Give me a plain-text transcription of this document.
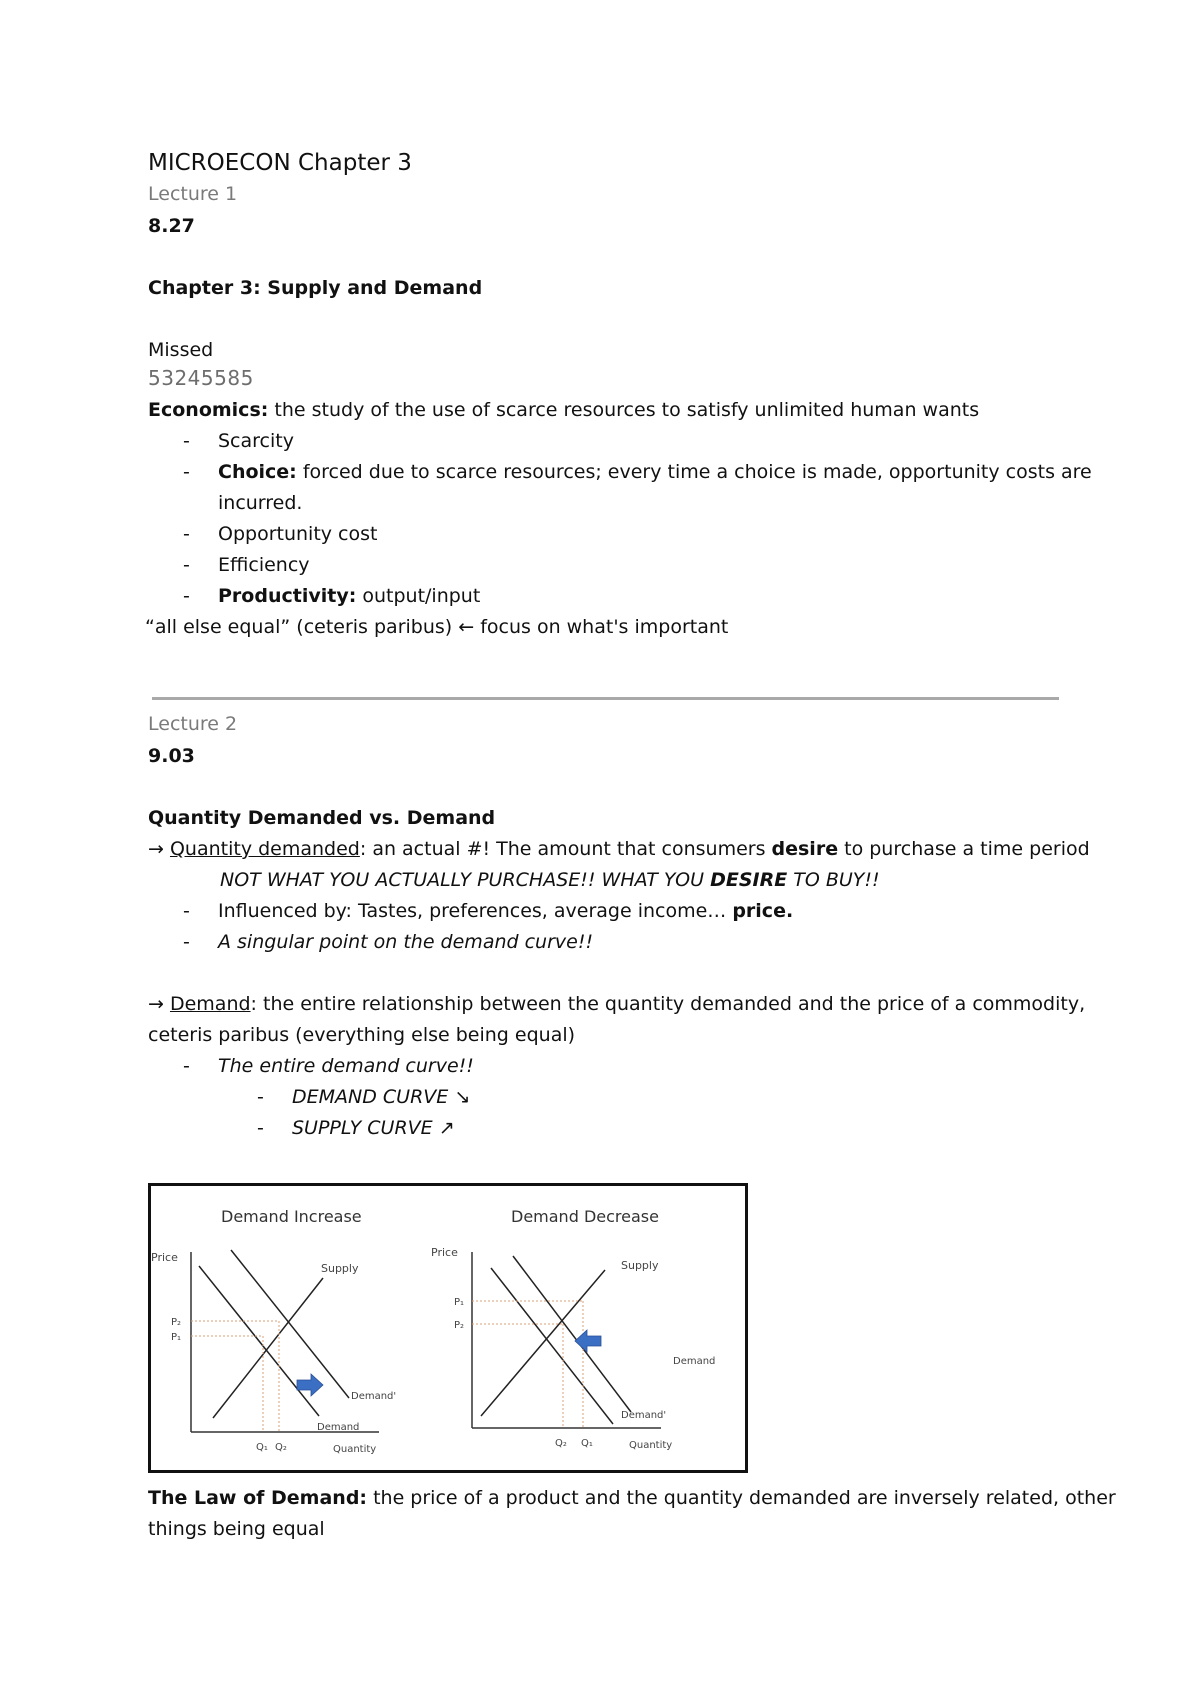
MICROECON Chapter 3
Lecture 1
8.27
Chapter 3: Supply and Demand
Missed
53245585
Economics: the study of the use of scarce resources to satisfy unlimited human wants
- Scarcity
- Choice: forced due to scarce resources; every time a choice is made, opportunity costs are
incurred.
- Opportunity cost
- Efficiency
- Productivity: output/input
“all else equal” (ceteris paribus) ← focus on what's important
Lecture 2
9.03
Quantity Demanded vs. Demand
→ Quantity demanded: an actual #! The amount that consumers desire to purchase a time period
NOT WHAT YOU ACTUALLY PURCHASE!! WHAT YOU DESIRE TO BUY!!
- Influenced by: Tastes, preferences, average income… price.
- A singular point on the demand curve!!
→ Demand: the entire relationship between the quantity demanded and the price of a commodity,
ceteris paribus (everything else being equal)
- The entire demand curve!!
- DEMAND CURVE ↘
- SUPPLY CURVE ↗
Demand Increase
Price
Supply
P₂
P₁
Demand'
Demand
Q₁ Q₂	Quantity
Demand Decrease
Price
Supply
P₁
P₂
Demand
Demand'
Q₂ Q₁	Quantity
The Law of Demand: the price of a product and the quantity demanded are inversely related, other
things being equal
